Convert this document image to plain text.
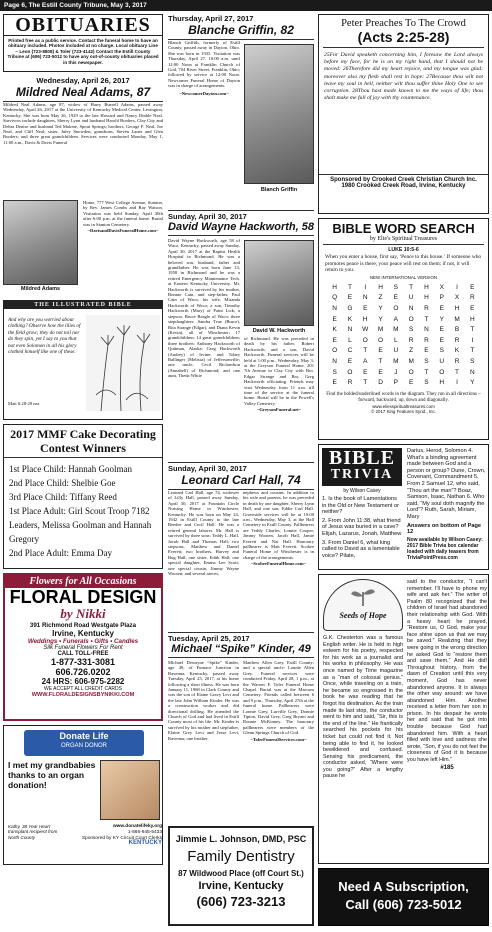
Page 6, The Estill County Tribune, May 3, 2017
OBITUARIES
Printed free as a public service. Contact the funeral home to have an obituary included. Photos included at no charge. Local obituary Line – Leon (723-8808) & Toler (723-4142) Contact the Estill County Tribune at (606) 723-5012 to have any out-of-county obituaries placed in this newspaper.
Wednesday, April 26, 2017
Mildred Neal Adams, 87
Mildred Neal Adams, age 87, widow of Harry Russell Adams, passed away Wednesday, April 26, 2017 at the University of Kentucky Medical Center, Lexington, Kentucky. She was born May 26, 1929 to the late Howard and Nancy Dinkle Neal. Survivors include daughters, Sherry Lynn and husband Harold Borders, Clay City and Debra Denise and husband Ted Malone, Spout Springs; brothers, George F. Neal, Joe Neal, and Cliff Neal; sister, Juley Snowden; grandsons, Steven Lanes and Glen Borders; and three great grandchildren. Services were conducted Monday, May 1, 11:00 a.m., Davis & Davis Funeral
Mildred Adams
Home, 777 West College Avenue, Stanton, by Rev. James Combs and Ray Watson. Visitation was held Sunday, April 30th after 6:00 p.m. at the funeral home. Burial was in Stanton Cemetery.
~DavisandDavisFuneralHome.com~
THE ILLUSTRATED BIBLE
And why are you worried about clothing? Observe how the lilies of the field grow; they do not toil nor do they spin, yet I say to you that not even Solomon in all his glory clothed himself like one of these.
Matt 6:28-29 nas
2017 MMF Cake Decorating Contest Winners
1st Place Child: Hannah Goolman
2nd Place Child: Shelbie Goe
3rd Place Child: Tiffany Reed
1st Place Adult: Girl Scout Troop 7182
Leaders, Melissa Goolman and Hannah Gregory
2nd Place Adult: Emma Day
Flowers for All Occasions
FLORAL DESIGN
by Nikki
391 Richmond Road Westgate Plaza
Irvine, Kentucky
Weddings • Funerals • Gifts • Candles
Silk Funeral Flowers For Rent
CALL TOLL-FREE
1-877-331-3081
606.726.0202
24 HRS: 606-975-2282
WE ACCEPT ALL CREDIT CARDS
WWW.FLORALDESIGNSBYNIKKI.COM
Donate Life
ORGAN DONOR
I met my grandbabies thanks to an organ donation!
Kathy, 38 Year Heart transplant recipient from North County
www.donatelifeky.org
1-866-945-5433
Sponsored by KY Circuit Court Clerks
KENTUCKY
Thursday, April 27, 2017
Blanche Griffin, 82
Blanch Griffith, formerly of Estill County, passed away in Dayton, Ohio. She was born in 1935. Visitation was Thursday, April 27, 10:00 a.m. until 12:00 Noon at Franklin Church of God, 704 River Street, Franklin, Ohio; followed by service at 12:00 Noon. Newcomer Funeral Home of Dayton was in charge of arrangements.
~NewcomerDayton.com~
Blanch Griffin
Sunday, April 30, 2017
David Wayne Hackworth, 58
David Wayne Hackworth, age 58 of Waco, Kentucky, passed away Sunday, April 30, 2017 at the Baptist Health Hospital in Richmond. He was a beloved son, husband, father and grandfather. He was born June 13, 1958 in Richmond and he was a retired Emergency Maintenance Tech. at Eastern Kentucky University. Mr. Hackworth is survived by his mother, Bonnie Cain, and step-father, Paul Cain of Waco; his wife, Miranda Hackworth of Waco; a son, Timothy Hackworth (Mary) of Paint Lick; a stepson, Bruce Beagle of Waco; three stepdaughters: Sandra True (Bruce), Rita Strange (Edgar), and Diana Kevin (Kevin), all of Winchester; 17 grandchildren; 14 great grandchildren; three brothers: Anthony Hackworth of Quitman, Alaska; Greg Hackworth (Audrey) of Irvine; and Tobey Ballinger (Melissa) of Jeffersonville; one uncle, Cecil Richardson (Annabell) of Richmond; and one aunt, Theda White
David W. Hackworth
of Richmond. He was preceded in death by his father, Robert Hackworth; and a son, David Hackworth. Funeral services will be held at 1:00 p.m., Wednesday, May 3, at the Greyson Funeral Home, 201 7th Avenue in Clay City with Bro. Edgar Strange and Bro. Greg Hackworth officiating. Friends may visit Wednesday from 11 a.m. till time of the service at the funeral home. Burial will be in the Powell's Valley Cemetery.
~GreysonFuneral.net~
Sunday, April 30, 2017
Leonard Carl Hall, 74
Leonard Carl Hall, age 74, widower of Lilly Hall, passed away Sunday, April 30, 2017 at Fountain Circle Nursing Home in Winchester, Kentucky. He was born on May 24, 1942 in Estill County to the late Beedee and Cecil Hall. He was a retired general laborer. Mr. Hall is survived by three sons: Teddy L. Hall, Jacob Hall and Thomas Hall; two stepsons, Matthew and Daniel Everett; two brothers, Harvey and Bug Hall; one sister, Edith Hall; one special daughter, Emma Lee Scott; one special cousin, Jimmy Wayne Wooten; and several nieces,
nephews and cousins. In addition to his wife and parents, he was preceded in death by one daughter, Sherry Lynn Hall, and one son, Eddie Carl Hall. Graveside services will be at 10:00 a.m., Wednesday, May 3, at the Hall Cemetery in Estill County. Pallbearers are Teddy Charles, Lonnie Cooper, Jimmy Wooten, Jacob Hall, Jamie Everett and Nat Hall. Honorary pallbearer is Matt Everett. Scobee Funeral Home of Winchester is in charge of the arrangements.
~ScobeeFuneralHome.com~
Tuesday, April 25, 2017
Michael “Spike” Kinder, 49
Michael Dewayne “Spike” Kinder, age 49, of Furnace Junction in Ravenna, Kentucky, passed away Tuesday, April 25, 2017, at his home following a short illness. He was born January 11, 1968 in Clark County and was the son of Elaine Gravy Levi and the late John William Kinder. He was a construction worker and did directional drilling. He attended the Church of God and had lived in Estill County most of his life. Mr. Kinder is survived by his mother and stepfather, Elaine Grey Levi and Jesse Levi, Ravenna; one brother,
Matthew Allen Grey, Estill County; and a special uncle: Lonnie Allen Grey. Funeral services were conducted Friday, April 28, 1 p.m., at the Warren F. Toler Funeral Home Chapel. Burial was at the Marcum Cemetery. Friends called between 6 and 9 p.m., Thursday, April 27th at the funeral home. Pallbearers were Lonnie Grey, Lurville Grey, Donnie Tipton, David Grey, Greg Bryant and Ronnie McKinney. The honorary pallbearers were members of the Glenn Springs Church of God.
~TolerFuneralServices.com~
Jimmie L. Johnson, DMD, PSC
Family Dentistry
87 Wildwood Place (off Court St.)
Irvine, Kentucky
(606) 723-3213
Peter Preaches To The Crowd
(Acts 2:25-28)
25For David speaketh concerning him, I foresaw the Lord always before my face, for he is on my right hand, that I should not be moved: 26Therefore did my heart rejoice, and my tongue was glad; moreover also my flesh shall rest in hope: 27Because thou wilt not leave my soul in hell, neither wilt thou suffer thine Holy One to see corruption. 28Thou hast made known to me the ways of life; thou shalt make me full of joy with thy countenance.
Sponsored by Crooked Creek Christian Church Inc.
1980 Crooked Creek Road, Irvine, Kentucky
BIBLE WORD SEARCH
by Elie's Spiritual Treasures
LUKE 10:5-6
When you enter a house, first say, ‘Peace to this house.’ If someone who promotes peace is there, your peace will rest on them; if not, it will return to you.
NEW INTERNATIONAL VERSION
H	T	I	H	S	T	H	X	I	E
Q	E	N	Z	E	U	H	P	X	R
N	G	E	Y	O	N	R	E	H	E
E	K	H	Y	A	O	T	Y	M	H
K	N	W	M	M	S	N	E	B	T
E	L	O	O	L	R	R	E	R	I
O	C	T	E	U	Z	E	S	K	T
N	E	A	T	M	M	S	U	R	S
S	O	E	E	J	O	T	O	T	N
E	R	T	D	P	E	S	H	I	Y
Find the bolded/underlined words in the diagram. They run in all directions – forward, backward, up, down and diagonally.
www.eliesspiritualtreasures.com
© 2017 King Features Synd., Inc.
BIBLE
TRIVIA
by Wilson Casey
1. Is the book of Lamentations in the Old or New Testament or neither?
2. From John 11:38, what friend of Jesus was buried in a cave? Elijah, Lazarus, Jonah, Matthew
3. From Daniel 6, what king called to David as a lamentable voice? Pilate,
Darius, Herod, Solomon 4. What's a binding agreement made between God and a person or group? Dune, Crown, Covenant, Commandment 5. From 2 Samuel 12, who said, “Thou art the man”? Boaz, Samson, Isaac, Nathan 6. Who said, “My soul doth magnify the Lord”? Ruth, Sarah, Miriam, Mary
Answers on bottom of Page 12
Now available by Wilson Casey: 2017 Bible Trivia box calendar loaded with daily teasers from TriviaPointPress.com
Seeds of Hope
G.K. Chesterton was a famous English writer. He is held in high esteem for his poetry, respected for his work as a journalist and his works in philosophy. He was once named by Time magazine as a “man of colossal genius.” Once, while traveling on a train, he became so engrossed in the book he was reading that he forgot his destination. As the train made its last stop, the conductor went to him and said, “Sir, this is the end of the line.” He frantically searched his pockets for his ticket but could not find it. Not being able to find it, he looked bewildered and confused. Sensing his predicament, the conductor asked, “Where were you going?” After a lengthy pause he
said to the conductor, “I can't remember. I'll have to phone my wife and ask her.” The writer of Psalm 80 recognized that the children of Israel had abandoned their relationship with God. With a heavy heart he prayed, “Restore us, O God, make your face shine upon us that we may be saved.” Realizing that they were going in the wrong direction he asked God to “restore them and save them.” And He did! Throughout history, from the dawn of Creation until this very moment, God has never abandoned anyone. It is always the other way around: we have abandoned Him. Another received a letter from her son in prison. In his despair he wrote her and said that he got into trouble because God had abandoned him. With a heart filled with love and sadness she wrote, “Son, if you do not feel the closeness of God it is because you have left Him.”
#185
Need A Subscription,
Call (606) 723-5012
